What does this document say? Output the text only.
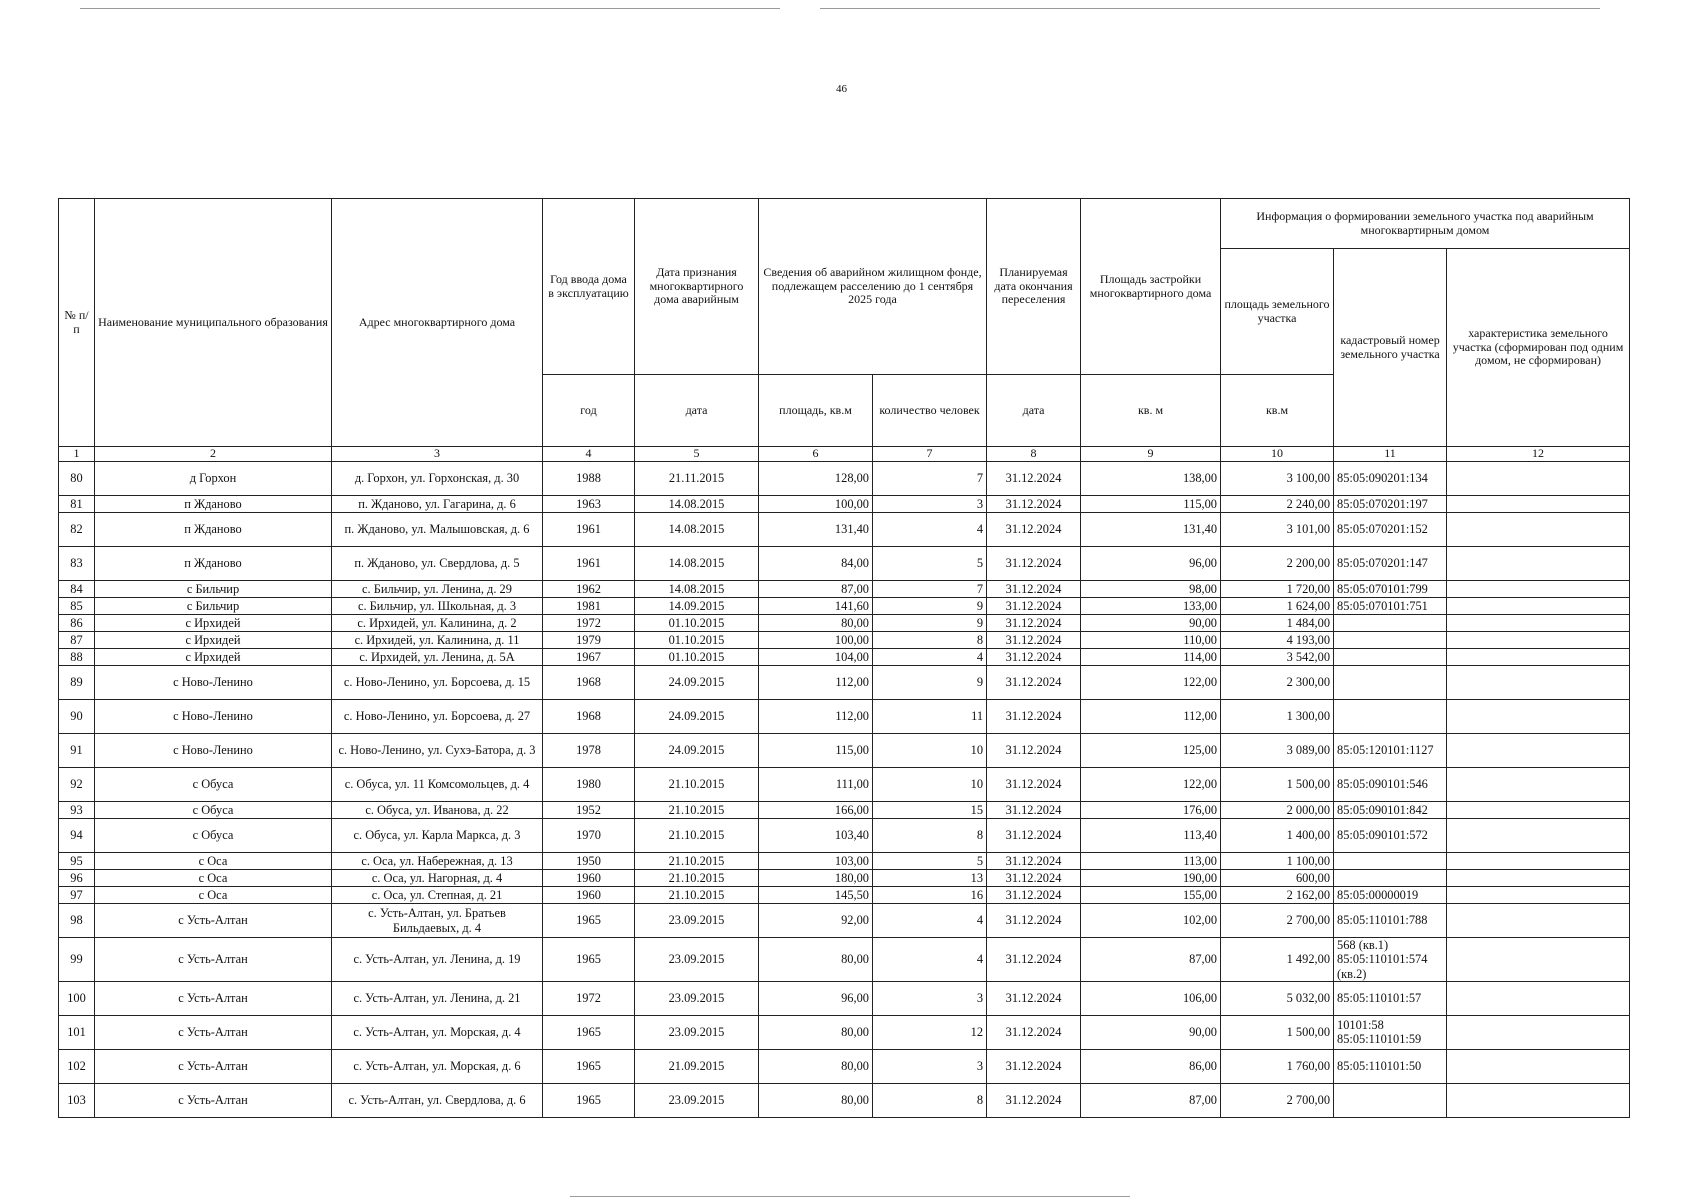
46
№ п/п	Наименование муниципального образования	Адрес многоквартирного дома	Год ввода дома в эксплуатацию	Дата признания многоквартирного дома аварийным	Сведения об аварийном жилищном фонде, подлежащем расселению до 1 сентября 2025 года		Планируемая дата окончания переселения	Площадь застройки многоквартирного дома	Информация о формировании земельного участка под аварийным многоквартирным домом		
									площадь земельного участка	кадастровый номер земельного участка	характеристика земельного участка (сформирован под одним домом, не сформирован)
			год	дата	площадь, кв.м	количество человек	дата	кв. м	кв.м		
1	2	3	4	5	6	7	8	9	10	11	12
80	д Горхон	д. Горхон, ул. Горхонская, д. 30	1988	21.11.2015	128,00	7	31.12.2024	138,00	3 100,00	85:05:090201:134	
81	п Ждановo	п. Ждановo, ул. Гагарина, д. 6	1963	14.08.2015	100,00	3	31.12.2024	115,00	2 240,00	85:05:070201:197	
82	п Ждановo	п. Ждановo, ул. Малышовская, д. 6	1961	14.08.2015	131,40	4	31.12.2024	131,40	3 101,00	85:05:070201:152	
83	п Ждановo	п. Ждановo, ул. Свердлова, д. 5	1961	14.08.2015	84,00	5	31.12.2024	96,00	2 200,00	85:05:070201:147	
84	с Бильчир	с. Бильчир, ул. Ленина, д. 29	1962	14.08.2015	87,00	7	31.12.2024	98,00	1 720,00	85:05:070101:799	
85	с Бильчир	с. Бильчир, ул. Школьная, д. 3	1981	14.09.2015	141,60	9	31.12.2024	133,00	1 624,00	85:05:070101:751	
86	с Ирхидей	с. Ирхидей, ул. Калинина, д. 2	1972	01.10.2015	80,00	9	31.12.2024	90,00	1 484,00		
87	с Ирхидей	с. Ирхидей, ул. Калинина, д. 11	1979	01.10.2015	100,00	8	31.12.2024	110,00	4 193,00		
88	с Ирхидей	с. Ирхидей, ул. Ленина, д. 5А	1967	01.10.2015	104,00	4	31.12.2024	114,00	3 542,00		
89	с Ново-Ленино	с. Ново-Ленино, ул. Борсоева, д. 15	1968	24.09.2015	112,00	9	31.12.2024	122,00	2 300,00		
90	с Ново-Ленино	с. Ново-Ленино, ул. Борсоева, д. 27	1968	24.09.2015	112,00	11	31.12.2024	112,00	1 300,00		
91	с Ново-Ленино	с. Ново-Ленино, ул. Сухэ-Батора, д. 3	1978	24.09.2015	115,00	10	31.12.2024	125,00	3 089,00	85:05:120101:1127	
92	с Обуса	с. Обуса, ул. 11 Комсомольцев, д. 4	1980	21.10.2015	111,00	10	31.12.2024	122,00	1 500,00	85:05:090101:546	
93	с Обуса	с. Обуса, ул. Иванова, д. 22	1952	21.10.2015	166,00	15	31.12.2024	176,00	2 000,00	85:05:090101:842	
94	с Обуса	с. Обуса, ул. Карла Маркса, д. 3	1970	21.10.2015	103,40	8	31.12.2024	113,40	1 400,00	85:05:090101:572	
95	с Оса	с. Оса, ул. Набережная, д. 13	1950	21.10.2015	103,00	5	31.12.2024	113,00	1 100,00		
96	с Оса	с. Оса, ул. Нагорная, д. 4	1960	21.10.2015	180,00	13	31.12.2024	190,00	600,00		
97	с Оса	с. Оса, ул. Степная, д. 21	1960	21.10.2015	145,50	16	31.12.2024	155,00	2 162,00	85:05:00000019	
98	с Усть-Алтан	с. Усть-Алтан, ул. Братьев Бильдаевых, д. 4	1965	23.09.2015	92,00	4	31.12.2024	102,00	2 700,00	85:05:110101:788	
99	с Усть-Алтан	с. Усть-Алтан, ул. Ленина, д. 19	1965	23.09.2015	80,00	4	31.12.2024	87,00	1 492,00	568 (кв.1) 85:05:110101:574 (кв.2)	
100	с Усть-Алтан	с. Усть-Алтан, ул. Ленина, д. 21	1972	23.09.2015	96,00	3	31.12.2024	106,00	5 032,00	85:05:110101:57	
101	с Усть-Алтан	с. Усть-Алтан, ул. Морская, д. 4	1965	23.09.2015	80,00	12	31.12.2024	90,00	1 500,00	10101:58 85:05:110101:59	
102	с Усть-Алтан	с. Усть-Алтан, ул. Морская, д. 6	1965	21.09.2015	80,00	3	31.12.2024	86,00	1 760,00	85:05:110101:50	
103	с Усть-Алтан	с. Усть-Алтан, ул. Свердлова, д. 6	1965	23.09.2015	80,00	8	31.12.2024	87,00	2 700,00		
